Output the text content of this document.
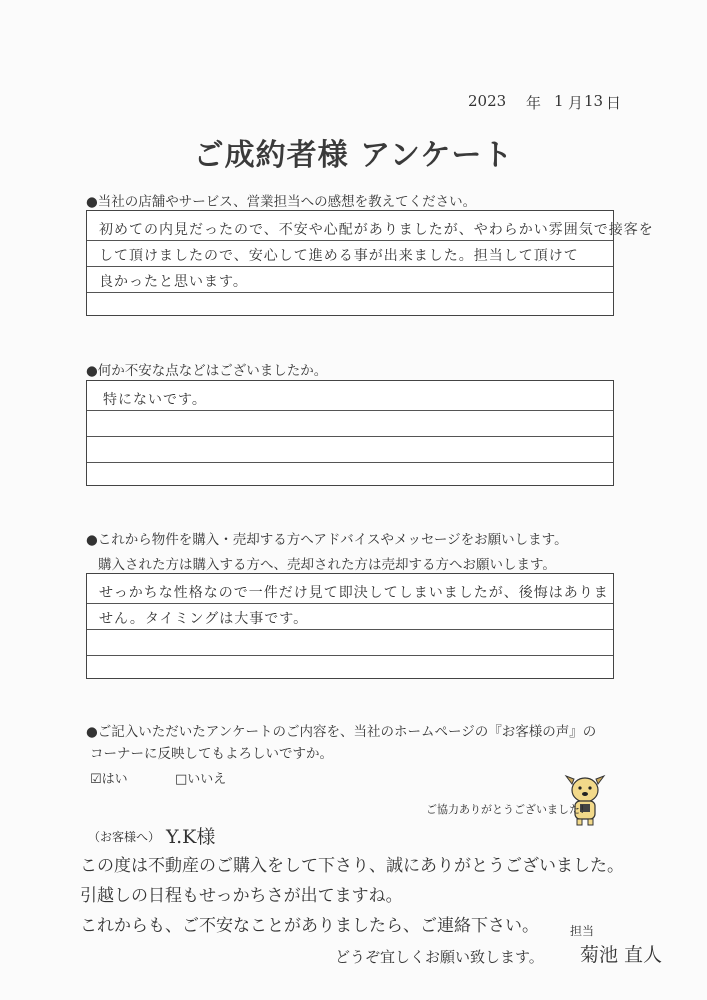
2023 年 1 月 13 日
ご成約者様 アンケート
●当社の店舗やサービス、営業担当への感想を教えてください。
初めての内見だったので、不安や心配がありましたが、やわらかい雰囲気で接客を
して頂けましたので、安心して進める事が出来ました。担当して頂けて
良かったと思います。
●何か不安な点などはございましたか。
特にないです。
●これから物件を購入・売却する方へアドバイスやメッセージをお願いします。
購入された方は購入する方へ、売却された方は売却する方へお願いします。
せっかちな性格なので一件だけ見て即決してしまいましたが、後悔はありま
せん。タイミングは大事です。
●ご記入いただいたアンケートのご内容を、当社のホームページの『お客様の声』の
コーナーに反映してもよろしいですか。
☑はい	□いいえ
ご協力ありがとうございました!
（お客様へ） Y.K様
この度は不動産のご購入をして下さり、誠にありがとうございました。
引越しの日程もせっかちさが出てますね。
これからも、ご不安なことがありましたら、ご連絡下さい。
どうぞ宜しくお願い致します。
担当
菊池 直人
